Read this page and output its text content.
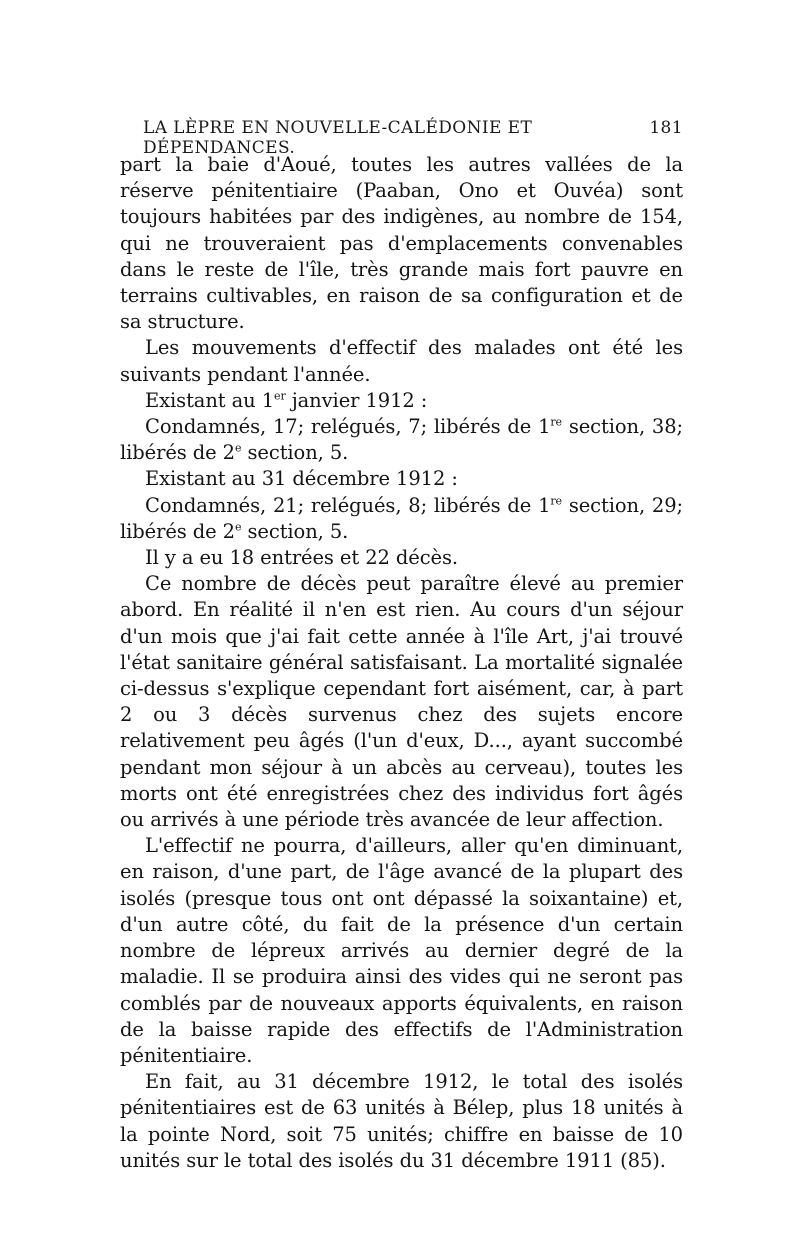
LA LÈPRE EN NOUVELLE-CALÉDONIE ET DÉPENDANCES.
181

part la baie d'Aoué, toutes les autres vallées de la réserve pénitentiaire (Paaban, Ono et Ouvéa) sont toujours habitées par des indigènes, au nombre de 154, qui ne trouveraient pas d'emplacements convenables dans le reste de l'île, très grande mais fort pauvre en terrains cultivables, en raison de sa configuration et de sa structure.

Les mouvements d'effectif des malades ont été les suivants pendant l'année.

Existant au 1er janvier 1912 :

Condamnés, 17; relégués, 7; libérés de 1re section, 38; libérés de 2e section, 5.

Existant au 31 décembre 1912 :

Condamnés, 21; relégués, 8; libérés de 1re section, 29; libérés de 2e section, 5.

Il y a eu 18 entrées et 22 décès.

Ce nombre de décès peut paraître élevé au premier abord. En réalité il n'en est rien. Au cours d'un séjour d'un mois que j'ai fait cette année à l'île Art, j'ai trouvé l'état sanitaire général satisfaisant. La mortalité signalée ci-dessus s'explique cependant fort aisément, car, à part 2 ou 3 décès survenus chez des sujets encore relativement peu âgés (l'un d'eux, D..., ayant succombé pendant mon séjour à un abcès au cerveau), toutes les morts ont été enregistrées chez des individus fort âgés ou arrivés à une période très avancée de leur affection.

L'effectif ne pourra, d'ailleurs, aller qu'en diminuant, en raison, d'une part, de l'âge avancé de la plupart des isolés (presque tous ont ont dépassé la soixantaine) et, d'un autre côté, du fait de la présence d'un certain nombre de lépreux arrivés au dernier degré de la maladie. Il se produira ainsi des vides qui ne seront pas comblés par de nouveaux apports équivalents, en raison de la baisse rapide des effectifs de l'Administration pénitentiaire.

En fait, au 31 décembre 1912, le total des isolés pénitentiaires est de 63 unités à Bélep, plus 18 unités à la pointe Nord, soit 75 unités; chiffre en baisse de 10 unités sur le total des isolés du 31 décembre 1911 (85).
